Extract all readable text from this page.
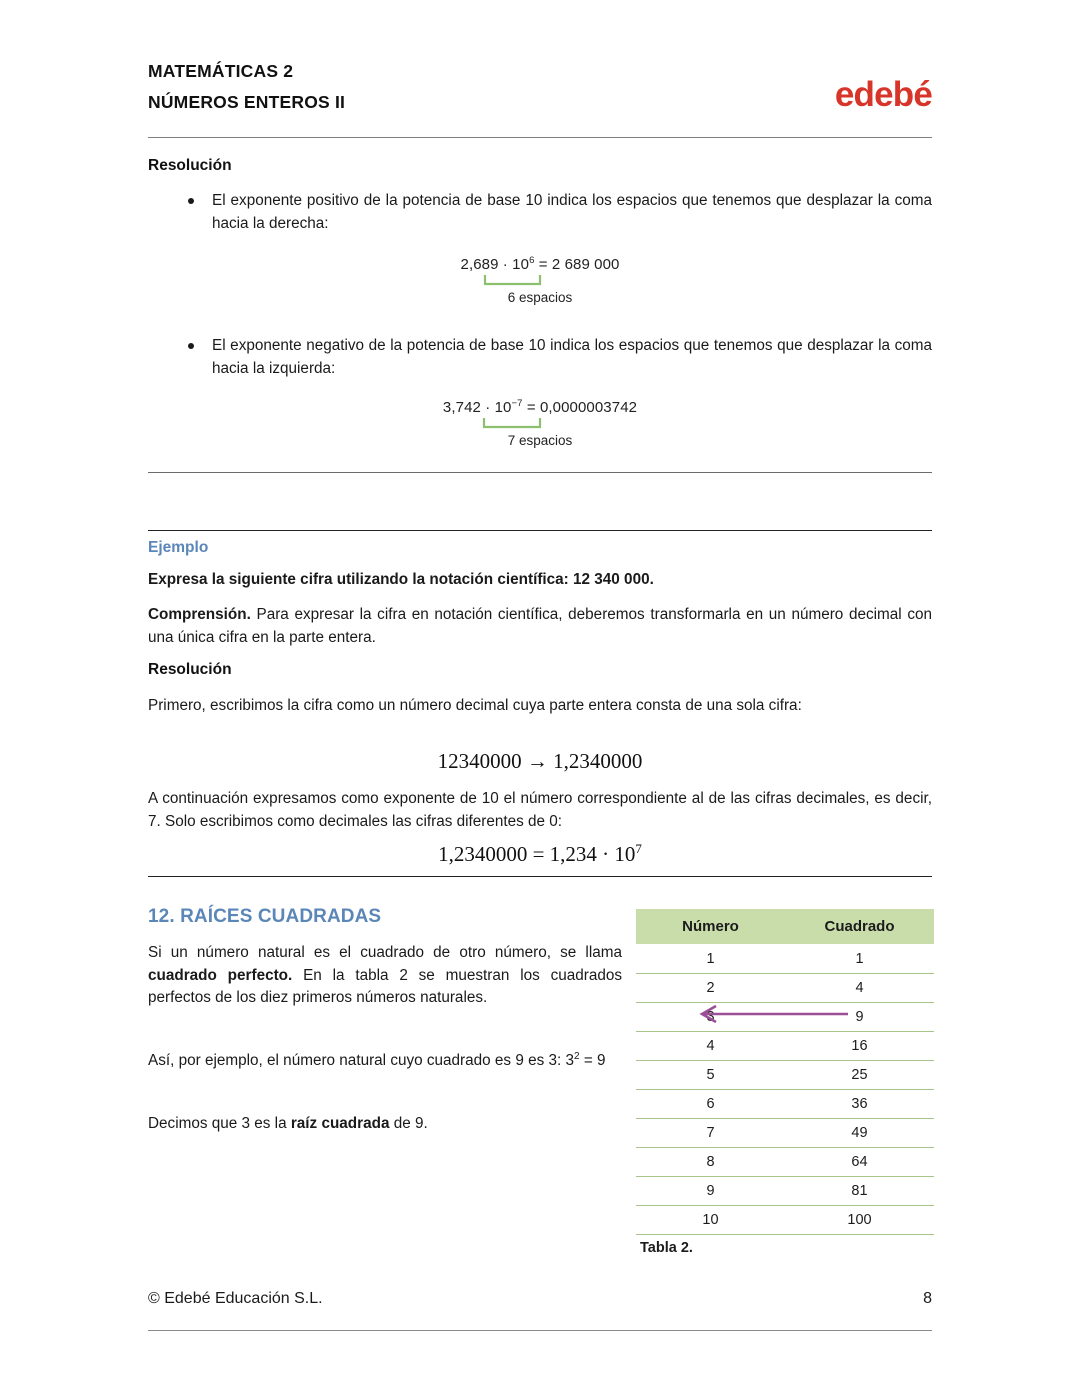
MATEMÁTICAS 2
NÚMEROS ENTEROS II	edebé
Resolución
El exponente positivo de la potencia de base 10 indica los espacios que tenemos que desplazar la coma hacia la derecha:
$2,689 \cdot 10^6 = 2$ 689 000
6 espacios
El exponente negativo de la potencia de base 10 indica los espacios que tenemos que desplazar la coma hacia la izquierda:
$3,742 \cdot 10^{-7} = 0,0000003742$
7 espacios
Ejemplo
Expresa la siguiente cifra utilizando la notación científica: 12 340 000.
Comprensión. Para expresar la cifra en notación científica, deberemos transformarla en un número decimal con una única cifra en la parte entera.
Resolución
Primero, escribimos la cifra como un número decimal cuya parte entera consta de una sola cifra:
12340000 → 1,2340000
A continuación expresamos como exponente de 10 el número correspondiente al de las cifras decimales, es decir, 7. Solo escribimos como decimales las cifras diferentes de 0:
$1,2340000 = 1,234 \cdot 10^7$
12. RAÍCES CUADRADAS

Si un número natural es el cuadrado de otro número, se llama cuadrado perfecto. En la tabla 2 se muestran los cuadrados perfectos de los diez primeros números naturales.

Así, por ejemplo, el número natural cuyo cuadrado es 9 es 3: $3^2 = 9$

Decimos que 3 es la raíz cuadrada de 9.

Número	Cuadrado
1	1
2	4
3	9
4	16
5	25
6	36
7	49
8	64
9	81
10	100
Tabla 2.
© Edebé Educación S.L.	8
